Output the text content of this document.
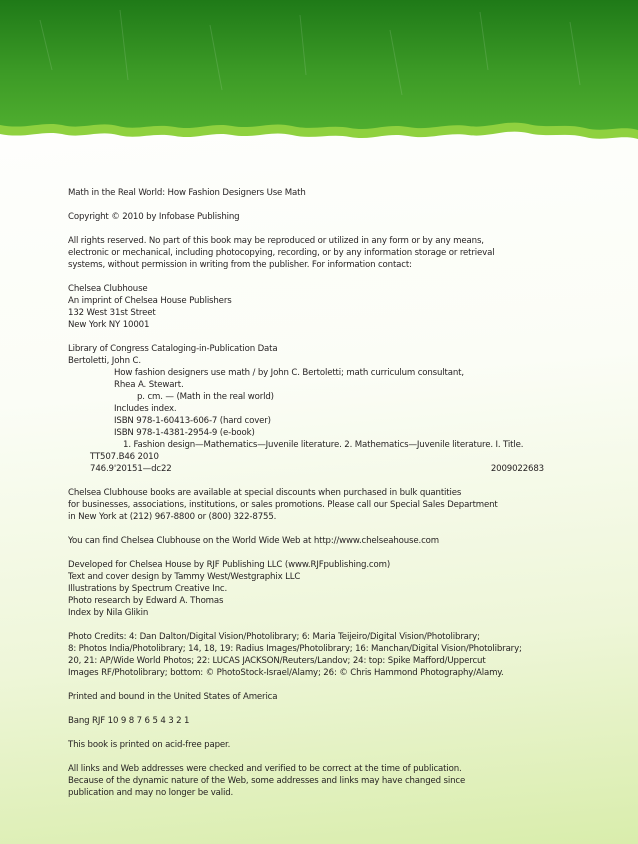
Math in the Real World: How Fashion Designers Use Math
Copyright © 2010 by Infobase Publishing
All rights reserved. No part of this book may be reproduced or utilized in any form or by any means,
electronic or mechanical, including photocopying, recording, or by any information storage or retrieval
systems, without permission in writing from the publisher. For information contact:
Chelsea Clubhouse
An imprint of Chelsea House Publishers
132 West 31st Street
New York NY 10001
Library of Congress Cataloging-in-Publication Data
Bertoletti, John C.
How fashion designers use math / by John C. Bertoletti; math curriculum consultant,
Rhea A. Stewart.
p. cm. — (Math in the real world)
Includes index.
ISBN 978-1-60413-606-7 (hard cover)
ISBN 978-1-4381-2954-9 (e-book)
1. Fashion design—Mathematics—Juvenile literature. 2. Mathematics—Juvenile literature. I. Title.
TT507.B46 2010
746.9'20151—dc22	2009022683
Chelsea Clubhouse books are available at special discounts when purchased in bulk quantities
for businesses, associations, institutions, or sales promotions. Please call our Special Sales Department
in New York at (212) 967-8800 or (800) 322-8755.
You can find Chelsea Clubhouse on the World Wide Web at http://www.chelseahouse.com
Developed for Chelsea House by RJF Publishing LLC (www.RJFpublishing.com)
Text and cover design by Tammy West/Westgraphix LLC
Illustrations by Spectrum Creative Inc.
Photo research by Edward A. Thomas
Index by Nila Glikin
Photo Credits: 4: Dan Dalton/Digital Vision/Photolibrary; 6: Maria Teijeiro/Digital Vision/Photolibrary;
8: Photos India/Photolibrary; 14, 18, 19: Radius Images/Photolibrary; 16: Manchan/Digital Vision/Photolibrary;
20, 21: AP/Wide World Photos; 22: LUCAS JACKSON/Reuters/Landov; 24: top: Spike Mafford/Uppercut
Images RF/Photolibrary; bottom: © PhotoStock-Israel/Alamy; 26: © Chris Hammond Photography/Alamy.
Printed and bound in the United States of America
Bang RJF 10 9 8 7 6 5 4 3 2 1
This book is printed on acid-free paper.
All links and Web addresses were checked and verified to be correct at the time of publication.
Because of the dynamic nature of the Web, some addresses and links may have changed since
publication and may no longer be valid.
